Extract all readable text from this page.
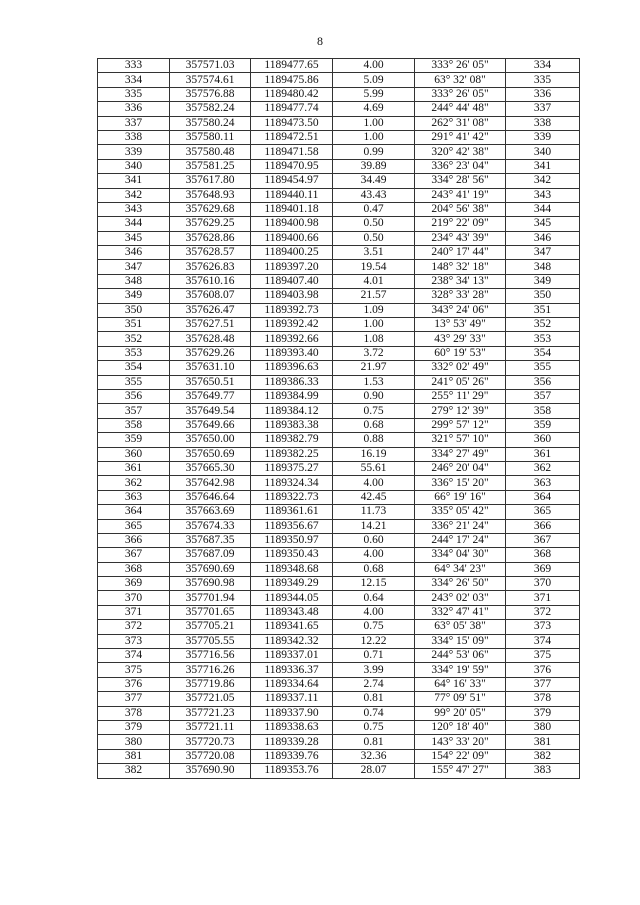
8
333	357571.03	1189477.65	4.00	333° 26' 05"	334
334	357574.61	1189475.86	5.09	63° 32' 08"	335
335	357576.88	1189480.42	5.99	333° 26' 05"	336
336	357582.24	1189477.74	4.69	244° 44' 48"	337
337	357580.24	1189473.50	1.00	262° 31' 08"	338
338	357580.11	1189472.51	1.00	291° 41' 42"	339
339	357580.48	1189471.58	0.99	320° 42' 38"	340
340	357581.25	1189470.95	39.89	336° 23' 04"	341
341	357617.80	1189454.97	34.49	334° 28' 56"	342
342	357648.93	1189440.11	43.43	243° 41' 19"	343
343	357629.68	1189401.18	0.47	204° 56' 38"	344
344	357629.25	1189400.98	0.50	219° 22' 09"	345
345	357628.86	1189400.66	0.50	234° 43' 39"	346
346	357628.57	1189400.25	3.51	240° 17' 44"	347
347	357626.83	1189397.20	19.54	148° 32' 18"	348
348	357610.16	1189407.40	4.01	238° 34' 13"	349
349	357608.07	1189403.98	21.57	328° 33' 28"	350
350	357626.47	1189392.73	1.09	343° 24' 06"	351
351	357627.51	1189392.42	1.00	13° 53' 49"	352
352	357628.48	1189392.66	1.08	43° 29' 33"	353
353	357629.26	1189393.40	3.72	60° 19' 53"	354
354	357631.10	1189396.63	21.97	332° 02' 49"	355
355	357650.51	1189386.33	1.53	241° 05' 26"	356
356	357649.77	1189384.99	0.90	255° 11' 29"	357
357	357649.54	1189384.12	0.75	279° 12' 39"	358
358	357649.66	1189383.38	0.68	299° 57' 12"	359
359	357650.00	1189382.79	0.88	321° 57' 10"	360
360	357650.69	1189382.25	16.19	334° 27' 49"	361
361	357665.30	1189375.27	55.61	246° 20' 04"	362
362	357642.98	1189324.34	4.00	336° 15' 20"	363
363	357646.64	1189322.73	42.45	66° 19' 16"	364
364	357663.69	1189361.61	11.73	335° 05' 42"	365
365	357674.33	1189356.67	14.21	336° 21' 24"	366
366	357687.35	1189350.97	0.60	244° 17' 24"	367
367	357687.09	1189350.43	4.00	334° 04' 30"	368
368	357690.69	1189348.68	0.68	64° 34' 23"	369
369	357690.98	1189349.29	12.15	334° 26' 50"	370
370	357701.94	1189344.05	0.64	243° 02' 03"	371
371	357701.65	1189343.48	4.00	332° 47' 41"	372
372	357705.21	1189341.65	0.75	63° 05' 38"	373
373	357705.55	1189342.32	12.22	334° 15' 09"	374
374	357716.56	1189337.01	0.71	244° 53' 06"	375
375	357716.26	1189336.37	3.99	334° 19' 59"	376
376	357719.86	1189334.64	2.74	64° 16' 33"	377
377	357721.05	1189337.11	0.81	77° 09' 51"	378
378	357721.23	1189337.90	0.74	99° 20' 05"	379
379	357721.11	1189338.63	0.75	120° 18' 40"	380
380	357720.73	1189339.28	0.81	143° 33' 20"	381
381	357720.08	1189339.76	32.36	154° 22' 09"	382
382	357690.90	1189353.76	28.07	155° 47' 27"	383
